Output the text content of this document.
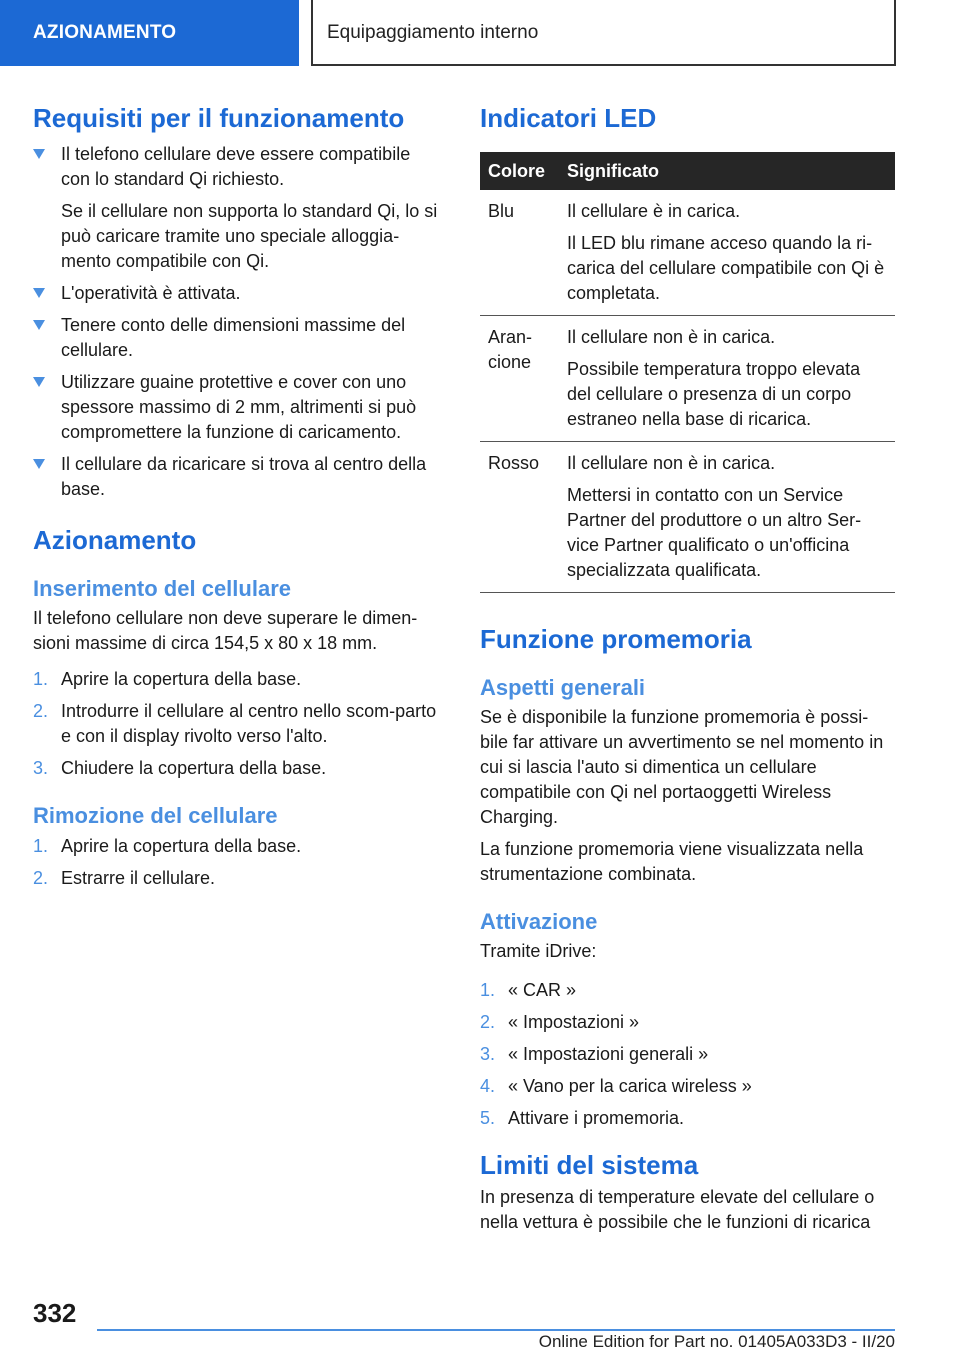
AZIONAMENTO	Equipaggiamento interno
Requisiti per il funzionamento
Il telefono cellulare deve essere compatibile con lo standard Qi richiesto.
Se il cellulare non supporta lo standard Qi, lo si può caricare tramite uno speciale alloggia-mento compatibile con Qi.
L'operatività è attivata.
Tenere conto delle dimensioni massime del cellulare.
Utilizzare guaine protettive e cover con uno spessore massimo di 2 mm, altrimenti si può compromettere la funzione di caricamento.
Il cellulare da ricaricare si trova al centro della base.
Azionamento
Inserimento del cellulare

Il telefono cellulare non deve superare le dimen-sioni massime di circa 154,5 x 80 x 18 mm.

1. Aprire la copertura della base.
2. Introdurre il cellulare al centro nello scom-parto e con il display rivolto verso l'alto.
3. Chiudere la copertura della base.
Rimozione del cellulare
1. Aprire la copertura della base.
2. Estrarre il cellulare.
Indicatori LED
Colore	Significato
Blu	Il cellulare è in carica.
Il LED blu rimane acceso quando la ri-carica del cellulare compatibile con Qi è completata.

Aran-cione	Il cellulare non è in carica.
Possibile temperatura troppo elevata del cellulare o presenza di un corpo estraneo nella base di ricarica.

Rosso	Il cellulare non è in carica.
Mettersi in contatto con un Service Partner del produttore o un altro Ser-vice Partner qualificato o un'officina specializzata qualificata.
Funzione promemoria
Aspetti generali

Se è disponibile la funzione promemoria è possi-bile far attivare un avvertimento se nel momento in cui si lascia l'auto si dimentica un cellulare compatibile con Qi nel portaoggetti Wireless Charging.

La funzione promemoria viene visualizzata nella strumentazione combinata.

Attivazione

Tramite iDrive:

1. « CAR »
2. « Impostazioni »
3. « Impostazioni generali »
4. « Vano per la carica wireless »
5. Attivare i promemoria.
Limiti del sistema

In presenza di temperature elevate del cellulare o nella vettura è possibile che le funzioni di ricarica

332
Online Edition for Part no. 01405A033D3 - II/20
